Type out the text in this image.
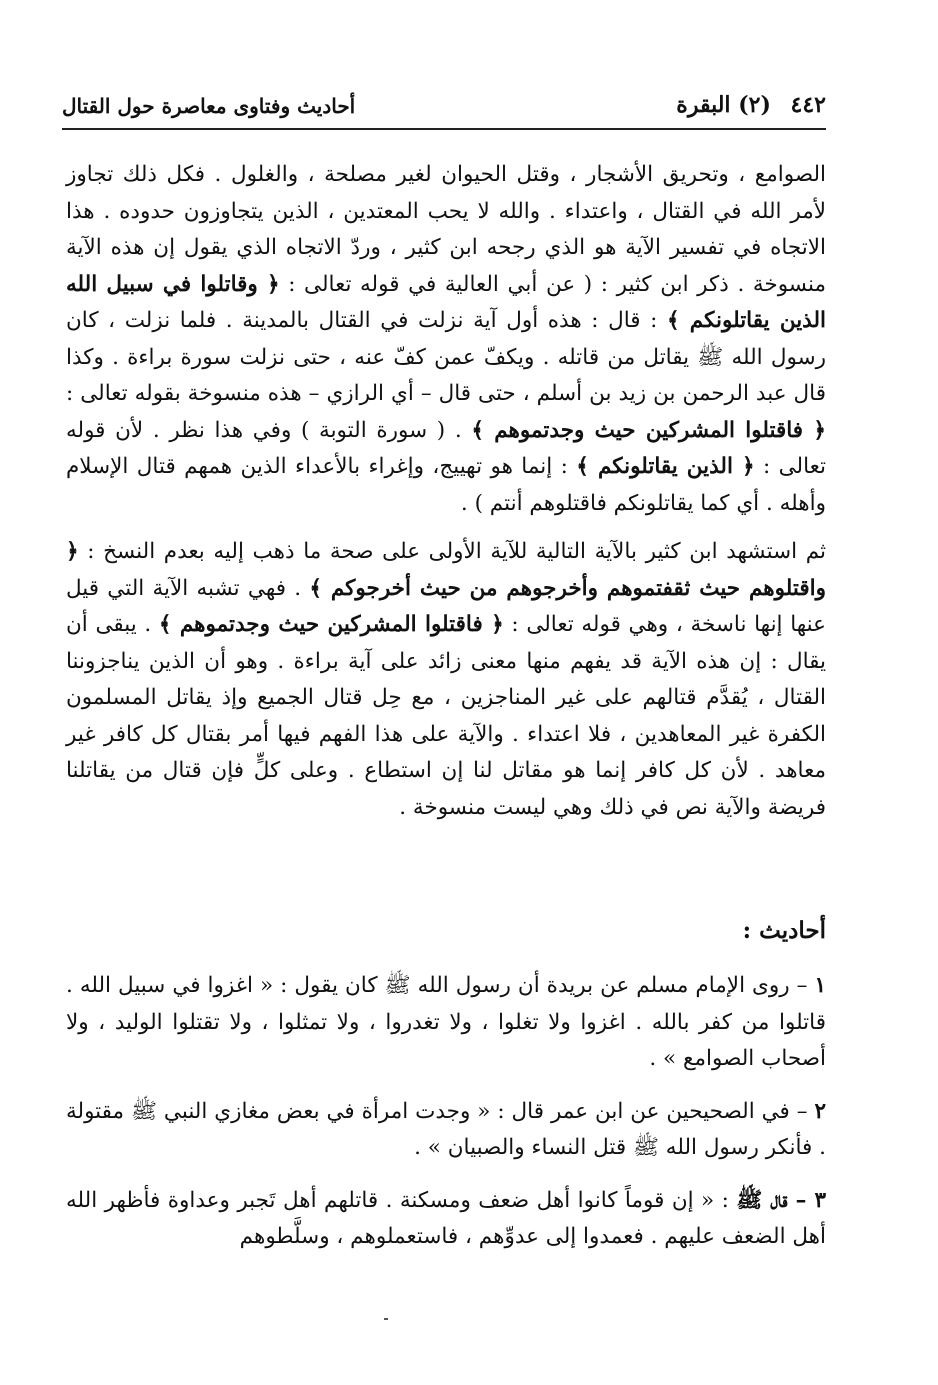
٤٤٢ (٢) البقرة
أحاديث وفتاوى معاصرة حول القتال

الصوامع ، وتحريق الأشجار ، وقتل الحيوان لغير مصلحة ، والغلول . فكل ذلك تجاوز لأمر الله في القتال ، واعتداء . والله لا يحب المعتدين ، الذين يتجاوزون حدوده . هذا الاتجاه في تفسير الآية هو الذي رجحه ابن كثير ، وردّ الاتجاه الذي يقول إن هذه الآية منسوخة . ذكر ابن كثير : ( عن أبي العالية في قوله تعالى : ﴿ وقاتلوا في سبيل الله الذين يقاتلونكم ﴾ : قال : هذه أول آية نزلت في القتال بالمدينة . فلما نزلت ، كان رسول الله ﷺ يقاتل من قاتله . ويكفّ عمن كفّ عنه ، حتى نزلت سورة براءة . وكذا قال عبد الرحمن بن زيد بن أسلم ، حتى قال – أي الرازي – هذه منسوخة بقوله تعالى : ﴿ فاقتلوا المشركين حيث وجدتموهم ﴾ . ( سورة التوبة ) وفي هذا نظر . لأن قوله تعالى : ﴿ الذين يقاتلونكم ﴾ : إنما هو تهييج، وإغراء بالأعداء الذين همهم قتال الإسلام وأهله . أي كما يقاتلونكم فاقتلوهم أنتم ) .

ثم استشهد ابن كثير بالآية التالية للآية الأولى على صحة ما ذهب إليه بعدم النسخ : ﴿ واقتلوهم حيث ثقفتموهم وأخرجوهم من حيث أخرجوكم ﴾ . فهي تشبه الآية التي قيل عنها إنها ناسخة ، وهي قوله تعالى : ﴿ فاقتلوا المشركين حيث وجدتموهم ﴾ . يبقى أن يقال : إن هذه الآية قد يفهم منها معنى زائد على آية براءة . وهو أن الذين يناجزوننا القتال ، يُقدَّم قتالهم على غير المناجزين ، مع حِل قتال الجميع وإذ يقاتل المسلمون الكفرة غير المعاهدين ، فلا اعتداء . والآية على هذا الفهم فيها أمر بقتال كل كافر غير معاهد . لأن كل كافر إنما هو مقاتل لنا إن استطاع . وعلى كلٍّ فإن قتال من يقاتلنا فريضة والآية نص في ذلك وهي ليست منسوخة .

أحاديث :

١ – روى الإمام مسلم عن بريدة أن رسول الله ﷺ كان يقول : « اغزوا في سبيل الله . قاتلوا من كفر بالله . اغزوا ولا تغلوا ، ولا تغدروا ، ولا تمثلوا ، ولا تقتلوا الوليد ، ولا أصحاب الصوامع » .

٢ – في الصحيحين عن ابن عمر قال : « وجدت امرأة في بعض مغازي النبي ﷺ مقتولة . فأنكر رسول الله ﷺ قتل النساء والصبيان » .

٣ – قال ﷺ : « إن قوماً كانوا أهل ضعف ومسكنة . قاتلهم أهل تَجبر وعداوة فأظهر الله أهل الضعف عليهم . فعمدوا إلى عدوِّهم ، فاستعملوهم ، وسلَّطوهم
